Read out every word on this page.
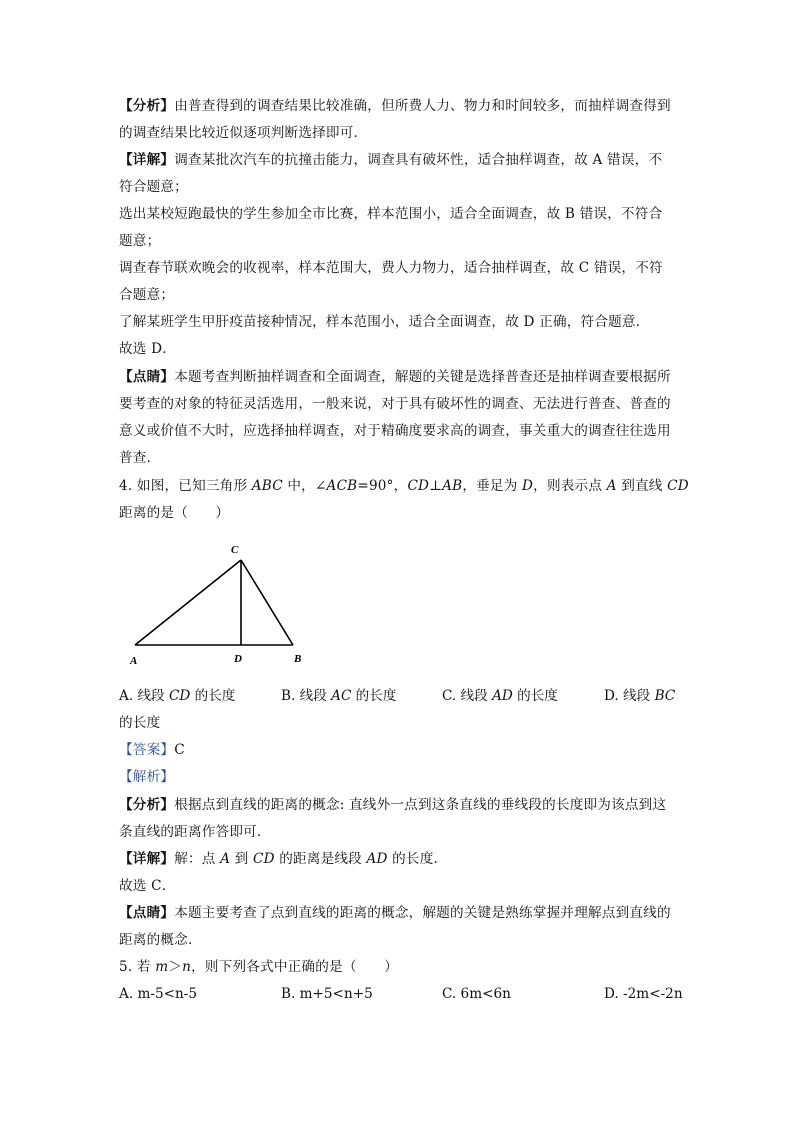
【分析】由普查得到的调查结果比较准确，但所费人力、物力和时间较多，而抽样调查得到
的调查结果比较近似逐项判断选择即可．
【详解】调查某批次汽车的抗撞击能力，调查具有破坏性，适合抽样调查，故 A 错误，不
符合题意；
选出某校短跑最快的学生参加全市比赛，样本范围小，适合全面调查，故 B 错误，不符合
题意；
调查春节联欢晚会的收视率，样本范围大，费人力物力，适合抽样调查，故 C 错误，不符
合题意；
了解某班学生甲肝疫苗接种情况，样本范围小，适合全面调查，故 D 正确，符合题意．
故选 D．
【点睛】本题考查判断抽样调查和全面调查，解题的关键是选择普查还是抽样调查要根据所
要考查的对象的特征灵活选用，一般来说，对于具有破坏性的调查、无法进行普查、普查的
意义或价值不大时，应选择抽样调查，对于精确度要求高的调查，事关重大的调查往往选用
普查．
4. 如图，已知三角形 ABC 中，∠ACB=90°，CD⊥AB，垂足为 D，则表示点 A 到直线 CD
距离的是（　　）
C
A	D	B
A. 线段 CD 的长度	B. 线段 AC 的长度	C. 线段 AD 的长度	D. 线段 BC
的长度
【答案】C
【解析】
【分析】根据点到直线的距离的概念: 直线外一点到这条直线的垂线段的长度即为该点到这
条直线的距离作答即可．
【详解】解：点 A 到 CD 的距离是线段 AD 的长度．
故选 C．
【点睛】本题主要考查了点到直线的距离的概念，解题的关键是熟练掌握并理解点到直线的
距离的概念．
5. 若 m＞n，则下列各式中正确的是（　　）
A. m-5<n-5	B. m+5<n+5	C. 6m<6n	D. -2m<-2n
